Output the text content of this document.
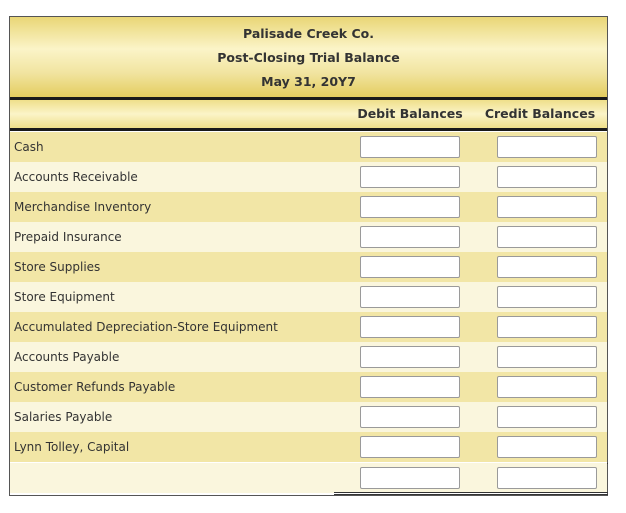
Palisade Creek Co.
Post-Closing Trial Balance
May 31, 20Y7
Debit Balances	Credit Balances
Cash
Accounts Receivable
Merchandise Inventory
Prepaid Insurance
Store Supplies
Store Equipment
Accumulated Depreciation-Store Equipment
Accounts Payable
Customer Refunds Payable
Salaries Payable
Lynn Tolley, Capital
